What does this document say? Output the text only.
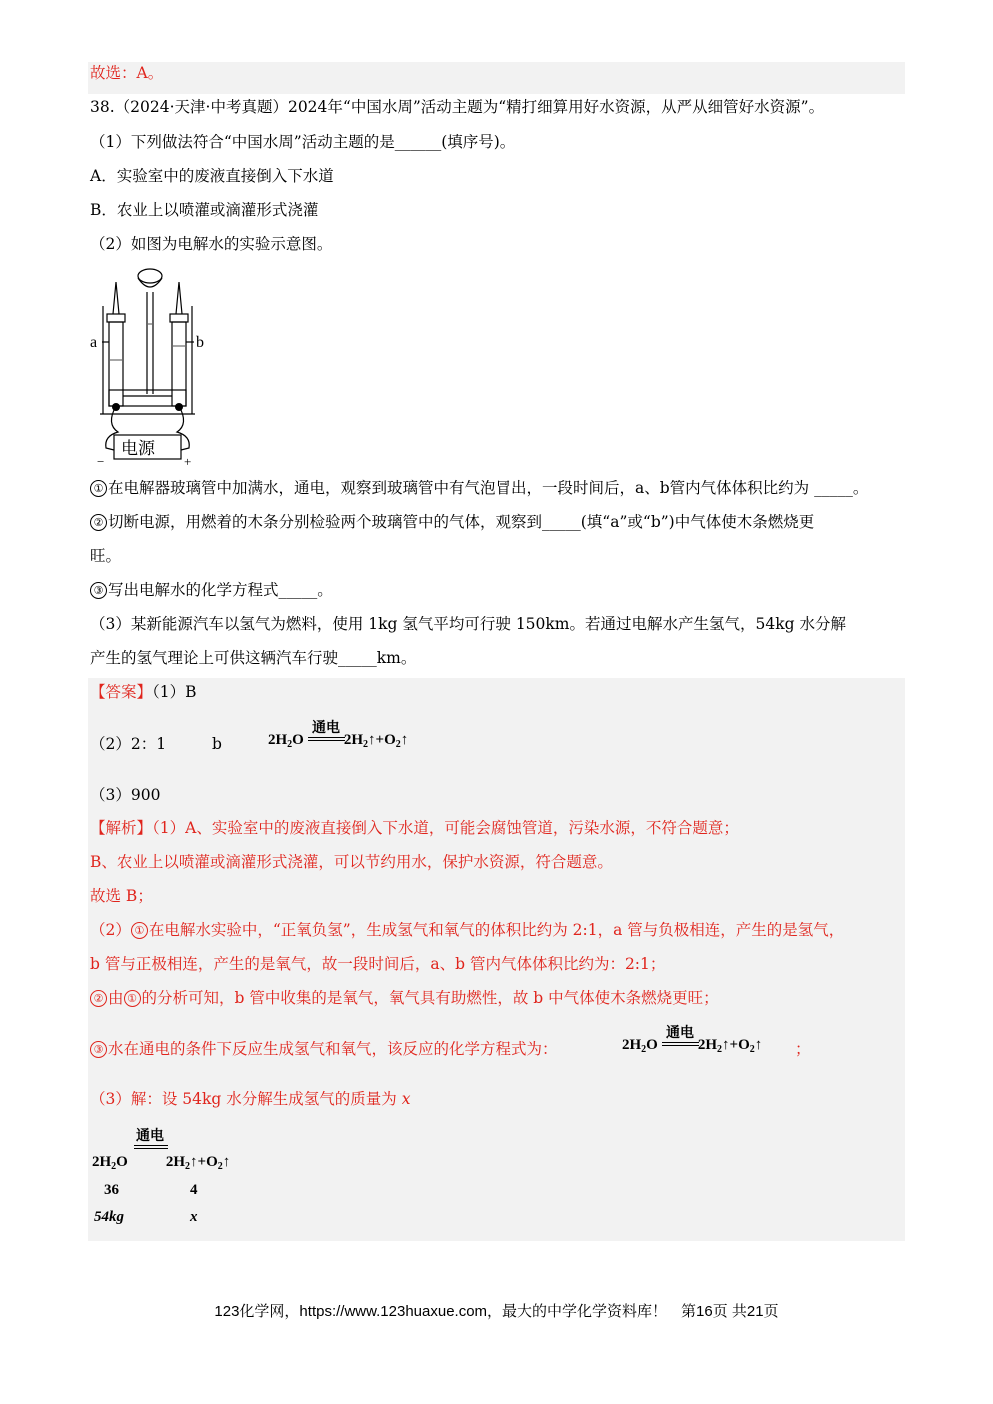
故选：A。
38.（2024·天津·中考真题）2024年“中国水周”活动主题为“精打细算用好水资源，从严从细管好水资源”。
（1）下列做法符合“中国水周”活动主题的是______(填序号)。
A．实验室中的废液直接倒入下水道
B．农业上以喷灌或滴灌形式浇灌
（2）如图为电解水的实验示意图。
a	b
电源
−	+
① 在电解器玻璃管中加满水，通电，观察到玻璃管中有气泡冒出，一段时间后，a、b管内气体体积比约为 _____。
② 切断电源，用燃着的木条分别检验两个玻璃管中的气体，观察到_____(填“a”或“b”)中气体使木条燃烧更
旺。
③ 写出电解水的化学方程式_____。
（3）某新能源汽车以氢气为燃料，使用 1kg 氢气平均可行驶 150km。若通过电解水产生氢气，54kg 水分解
产生的氢气理论上可供这辆汽车行驶_____km。
【答案】（1）B
（2）2：1	b
通电
$2H_2O$	$2H_2↑+O_2↑$
（3）900
【解析】（1）A、实验室中的废液直接倒入下水道，可能会腐蚀管道，污染水源，不符合题意；
B、农业上以喷灌或滴灌形式浇灌，可以节约用水，保护水资源，符合题意。
故选 B；
（2） ① 在电解水实验中，“正氧负氢”，生成氢气和氧气的体积比约为 2:1，a 管与负极相连，产生的是氢气，
b 管与正极相连，产生的是氧气，故一段时间后，a、b 管内气体体积比约为：2:1；
② 由 ① 的分析可知，b 管中收集的是氧气，氧气具有助燃性，故 b 中气体使木条燃烧更旺；
③ 水在通电的条件下反应生成氢气和氧气，该反应的化学方程式为：
通电
$2H_2O$	$2H_2↑+O_2↑$ ；
（3）解：设 54kg 水分解生成氢气的质量为 x
通电
$2H_2O$	$2H_2↑+O_2↑$
36	4
54kg	x
123化学网，https://www.123huaxue.com，最大的中学化学资料库！ 第16页 共21页
